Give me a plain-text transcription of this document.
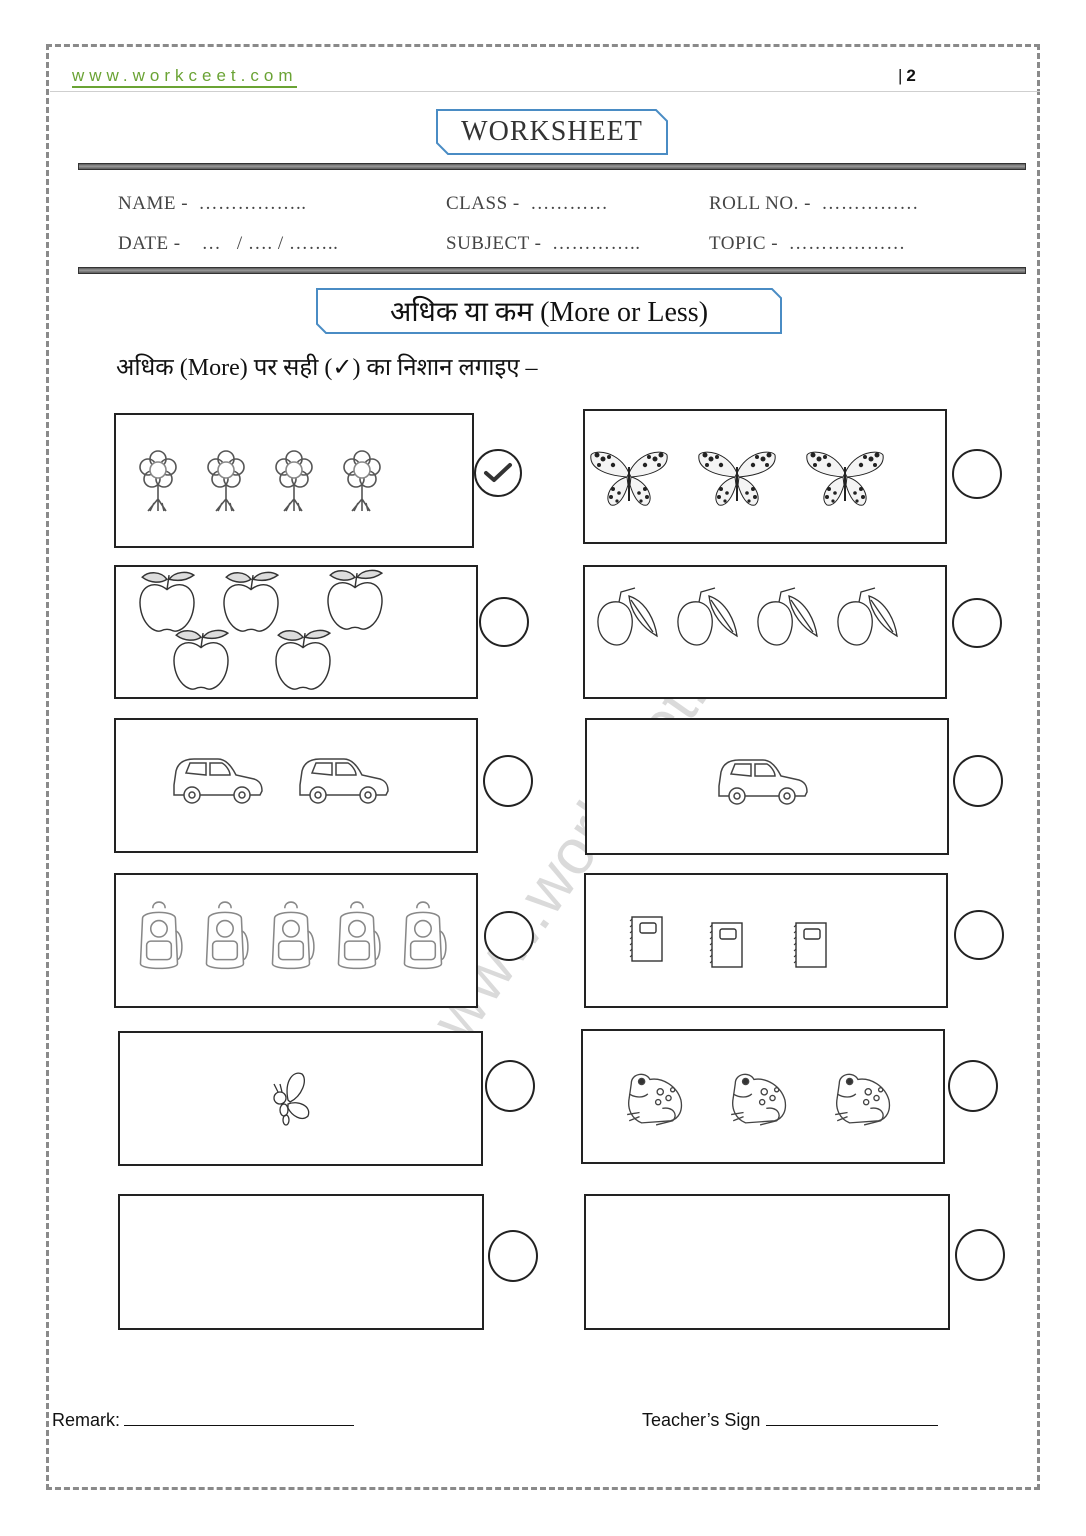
www.workceet.com	| 2
WORKSHEET
NAME -  ……………..	CLASS -  …………	ROLL NO. -  ……………
DATE -    …   / …. / ……..	SUBJECT -  …………..	TOPIC -  ………………
अधिक या कम (More or Less)
अधिक (More) पर सही (✓) का निशान लगाइए –
Remark:	Teacher’s Sign
